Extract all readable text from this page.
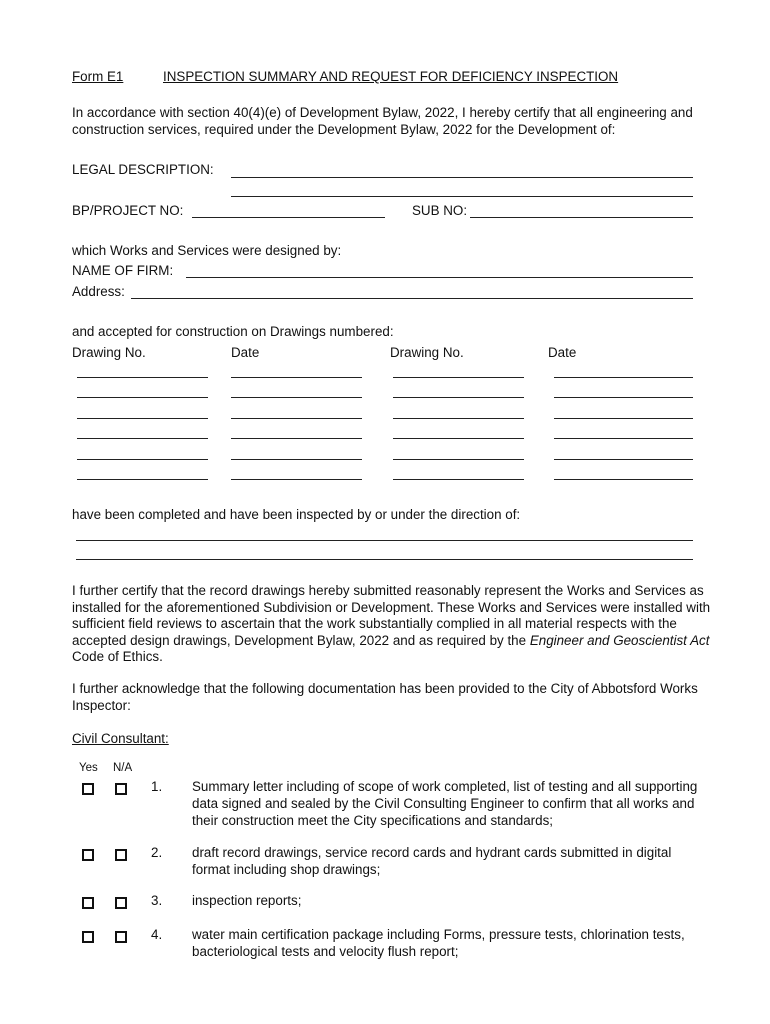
Form E1	INSPECTION SUMMARY AND REQUEST FOR DEFICIENCY INSPECTION
In accordance with section 40(4)(e) of Development Bylaw, 2022, I hereby certify that all engineering and construction services, required under the Development Bylaw, 2022 for the Development of:
LEGAL DESCRIPTION:
BP/PROJECT NO:	SUB NO:
which Works and Services were designed by:
NAME OF FIRM:
Address:
and accepted for construction on Drawings numbered:
Drawing No.	Date	Drawing No.	Date
have been completed and have been inspected by or under the direction of:
I further certify that the record drawings hereby submitted reasonably represent the Works and Services as installed for the aforementioned Subdivision or Development. These Works and Services were installed with sufficient field reviews to ascertain that the work substantially complied in all material respects with the accepted design drawings, Development Bylaw, 2022 and as required by the Engineer and Geoscientist Act Code of Ethics.
I further acknowledge that the following documentation has been provided to the City of Abbotsford Works Inspector:
Civil Consultant:
Yes N/A
1. Summary letter including of scope of work completed, list of testing and all supporting data signed and sealed by the Civil Consulting Engineer to confirm that all works and their construction meet the City specifications and standards;
2. draft record drawings, service record cards and hydrant cards submitted in digital format including shop drawings;
3. inspection reports;
4. water main certification package including Forms, pressure tests, chlorination tests, bacteriological tests and velocity flush report;
